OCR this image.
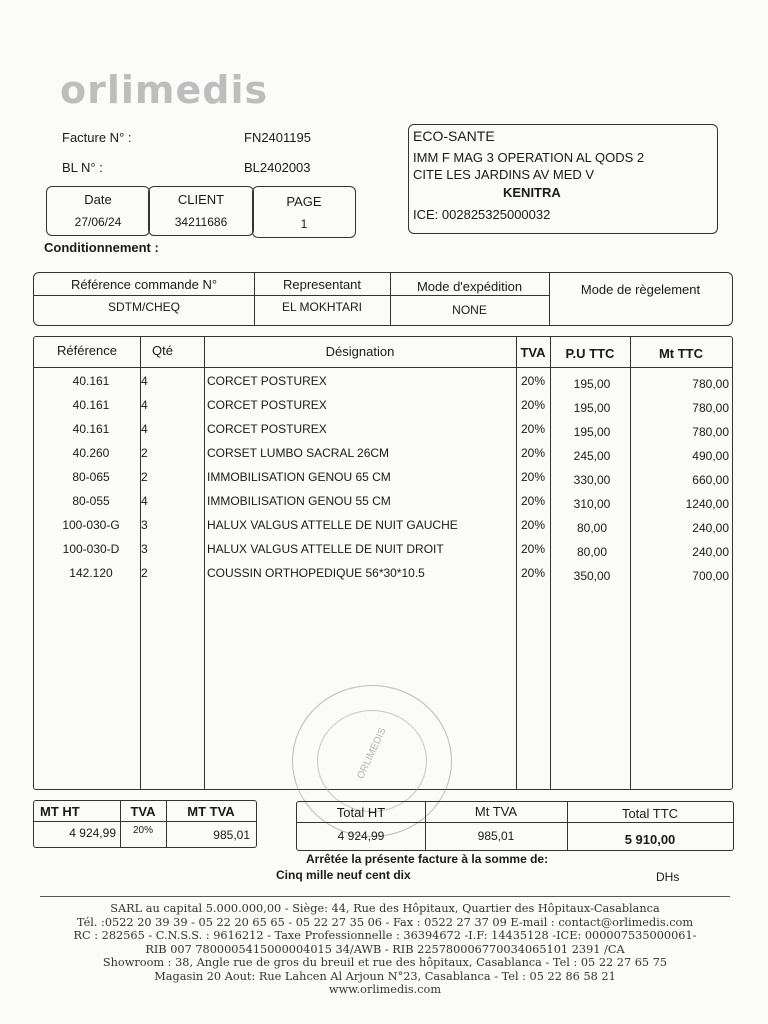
orlimedis
Facture N° :	FN2401195
BL N° :	BL2402003
ECO-SANTE
IMM F MAG 3 OPERATION AL QODS 2
CITE LES JARDINS AV MED V
KENITRA
ICE: 002825325000032
Date
27/06/24
CLIENT
34211686
PAGE
1
Conditionnement :
Référence commande N°	Representant	Mode d'expédition	Mode de règelement
SDTM/CHEQ	EL MOKHTARI	NONE
Référence	Qté	Désignation	TVA	P.U TTC	Mt TTC
40.161	4	CORCET POSTUREX	20%	195,00	780,00
40.161	4	CORCET POSTUREX	20%	195,00	780,00
40.161	4	CORCET POSTUREX	20%	195,00	780,00
40.260	2	CORSET LUMBO SACRAL 26CM	20%	245,00	490,00
80-065	2	IMMOBILISATION GENOU 65 CM	20%	330,00	660,00
80-055	4	IMMOBILISATION GENOU 55 CM	20%	310,00	1240,00
100-030-G	3	HALUX VALGUS ATTELLE DE NUIT GAUCHE	20%	80,00	240,00
100-030-D	3	HALUX VALGUS ATTELLE DE NUIT DROIT	20%	80,00	240,00
142.120	2	COUSSIN ORTHOPEDIQUE 56*30*10.5	20%	350,00	700,00
ORLIMEDIS
MT HT	TVA	MT TVA
4 924,99	20%	985,01
Total HT	Mt TVA	Total TTC
4 924,99	985,01	5 910,00
Arrêtée la présente facture à la somme de:
Cinq mille neuf cent dix	DHs
SARL au capital 5.000.000,00 - Siège: 44, Rue des Hôpitaux, Quartier des Hôpitaux-Casablanca
Tél. :0522 20 39 39 - 05 22 20 65 65 - 05 22 27 35 06 - Fax : 0522 27 37 09 E-mail : contact@orlimedis.com
RC : 282565 - C.N.S.S. : 9616212 - Taxe Professionnelle : 36394672 -I.F: 14435128 -ICE: 000007535000061-
RIB 007 7800005415000004015 34/AWB - RIB 225780006770034065101 2391 /CA
Showroom : 38, Angle rue de gros du breuil et rue des hôpitaux, Casablanca - Tel : 05 22 27 65 75
Magasin 20 Aout: Rue Lahcen Al Arjoun N°23, Casablanca - Tel : 05 22 86 58 21
www.orlimedis.com
